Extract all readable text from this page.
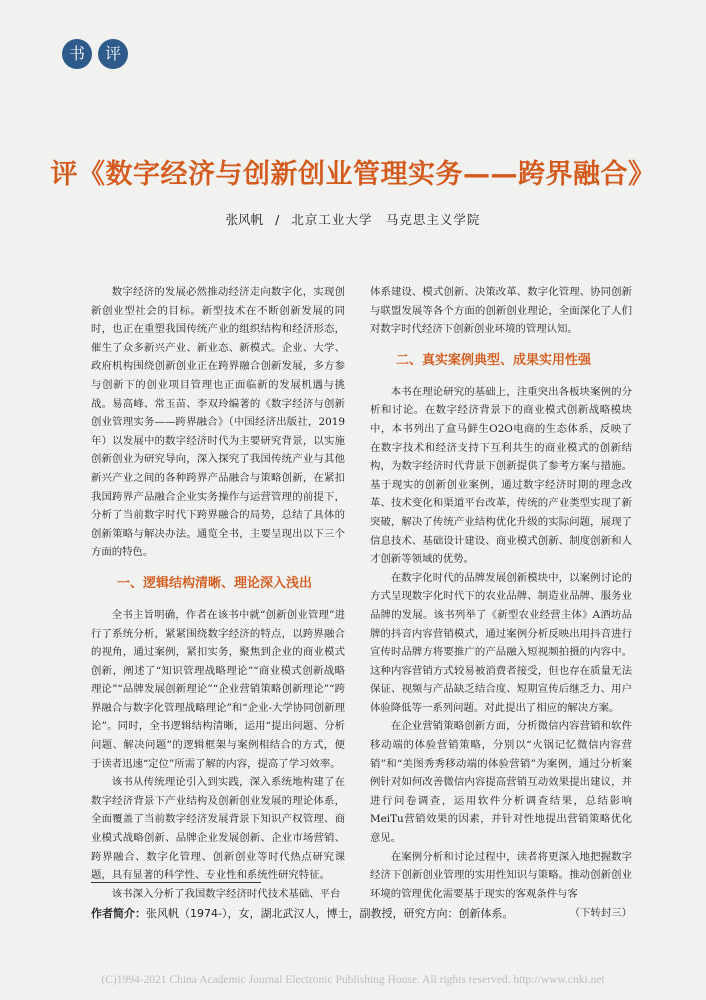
书	评
评《数字经济与创新创业管理实务——跨界融合》
张风帆 / 北京工业大学　马克思主义学院

数字经济的发展必然推动经济走向数字化，实现创新创业型社会的目标。新型技术在不断创新发展的同时，也正在重塑我国传统产业的组织结构和经济形态，催生了众多新兴产业、新业态、新模式。企业、大学、政府机构围绕创新创业正在跨界融合创新发展，多方参与创新下的创业项目管理也正面临新的发展机遇与挑战。易高峰、常玉苗、李双玲编著的《数字经济与创新创业管理实务——跨界融合》（中国经济出版社，2019年）以发展中的数字经济时代为主要研究背景，以实施创新创业为研究导向，深入探究了我国传统产业与其他新兴产业之间的各种跨界产品融合与策略创新，在紧扣我国跨界产品融合企业实务操作与运营管理的前提下，分析了当前数字时代下跨界融合的局势，总结了具体的创新策略与解决办法。通览全书，主要呈现出以下三个方面的特色。

一、逻辑结构清晰、理论深入浅出

全书主旨明确，作者在该书中就“创新创业管理”进行了系统分析，紧紧围绕数字经济的特点，以跨界融合的视角，通过案例，紧扣实务，聚焦到企业的商业模式创新，阐述了“知识管理战略理论”“商业模式创新战略理论”“品牌发展创新理论”“企业营销策略创新理论”“跨界融合与数字化管理战略理论”和“企业-大学协同创新理论”。同时，全书逻辑结构清晰，运用“提出问题、分析问题、解决问题”的逻辑框架与案例相结合的方式，便于读者迅速“定位”所需了解的内容，提高了学习效率。

该书从传统理论引入到实践，深入系统地构建了在数字经济背景下产业结构及创新创业发展的理论体系，全面覆盖了当前数字经济发展背景下知识产权管理、商业模式战略创新、品牌企业发展创新、企业市场营销、跨界融合、数字化管理、创新创业等时代热点研究课题，具有显著的科学性、专业性和系统性研究特征。

该书深入分析了我国数字经济时代技术基础、平台

体系建设、模式创新、决策改革、数字化管理、协同创新与联盟发展等各个方面的创新创业理论，全面深化了人们对数字时代经济下创新创业环境的管理认知。

二、真实案例典型、成果实用性强

本书在理论研究的基础上，注重突出各板块案例的分析和讨论。在数字经济背景下的商业模式创新战略模块中，本书列出了盒马鲜生O2O电商的生态体系，反映了在数字技术和经济支持下互利共生的商业模式的创新结构，为数字经济时代背景下创新提供了参考方案与措施。基于现实的创新创业案例，通过数字经济时期的理念改革、技术变化和渠道平台改革，传统的产业类型实现了新突破，解决了传统产业结构优化升级的实际问题，展现了信息技术、基础设计建设、商业模式创新、制度创新和人才创新等领域的优势。

在数字化时代的品牌发展创新模块中，以案例讨论的方式呈现数字化时代下的农业品牌、制造业品牌、服务业品牌的发展。该书列举了《新型农业经营主体》A酒坊品牌的抖音内容营销模式，通过案例分析反映出用抖音进行宣传时品牌方将要推广的产品融入短视频拍摄的内容中。这种内容营销方式较易被消费者接受，但也存在质量无法保证、视频与产品缺乏结合度、短期宣传后继乏力、用户体验降低等一系列问题。对此提出了相应的解决方案。

在企业营销策略创新方面，分析微信内容营销和软件移动端的体验营销策略，分别以“火锅记忆微信内容营销”和“美图秀秀移动端的体验营销”为案例，通过分析案例针对如何改善微信内容提高营销互动效果提出建议，并进行问卷调查，运用软件分析调查结果，总结影响MeiTu营销效果的因素，并针对性地提出营销策略优化意见。

在案例分析和讨论过程中，读者将更深入地把握数字经济下创新创业管理的实用性知识与策略。推动创新创业环境的管理优化需要基于现实的客观条件与客

（下转封三）
作者简介：张风帆（1974-），女，湖北武汉人，博士，副教授，研究方向：创新体系。
(C)1994-2021 China Academic Journal Electronic Publishing House. All rights reserved. http://www.cnki.net
